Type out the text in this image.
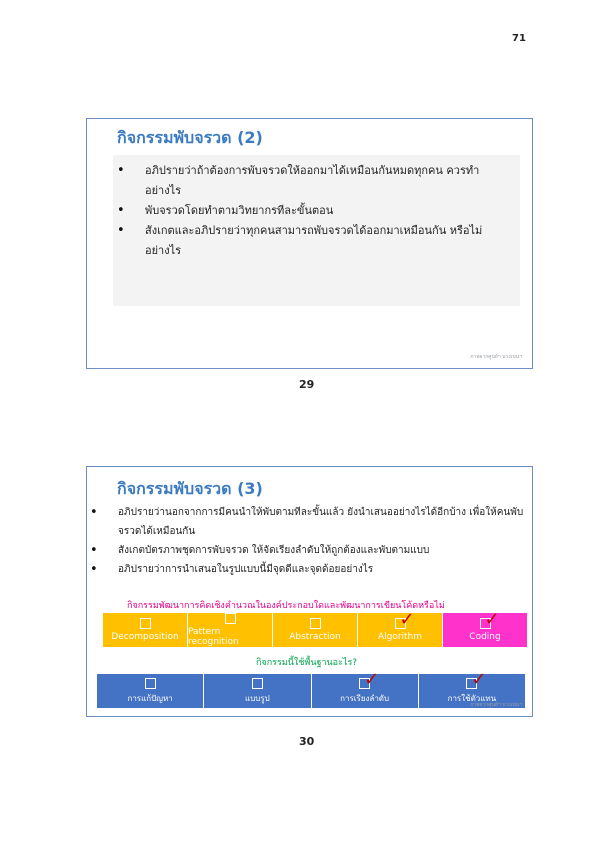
71
กิจกรรมพับจรวด (2)
•	อภิปรายว่าถ้าต้องการพับจรวดให้ออกมาได้เหมือนกันหมดทุกคน ควรทำอย่างไร
•	พับจรวดโดยทำตามวิทยากรทีละขั้นตอน
•	สังเกตและอภิปรายว่าทุกคนสามารถพับจรวดได้ออกมาเหมือนกัน หรือไม่ อย่างไร
ภาพจากศูนย์ฯ บางเขนฯ
29
กิจกรรมพับจรวด (3)
•	อภิปรายว่านอกจากการมีคนนำให้พับตามทีละขั้นแล้ว ยังนำเสนออย่างไรได้อีกบ้าง เพื่อให้คนพับจรวดได้เหมือนกัน
•	สังเกตบัตรภาพชุดการพับจรวด ให้จัดเรียงลำดับให้ถูกต้องและพับตามแบบ
•	อภิปรายว่าการนำเสนอในรูปแบบนี้มีจุดดีและจุดด้อยอย่างไร
กิจกรรมพัฒนาการคิดเชิงคำนวณในองค์ประกอบใดและพัฒนาการเขียนโค้ดหรือไม่
Decomposition Pattern recognition	Abstraction
✓
Algorithm
✓
Coding
กิจกรรมนี้ใช้พื้นฐานอะไร?
การแก้ปัญหา	แบบรูป
✓
การเรียงลำดับ
✓
การใช้ตัวแทน
ภาพจากศูนย์ฯ บางเขนฯ
30
